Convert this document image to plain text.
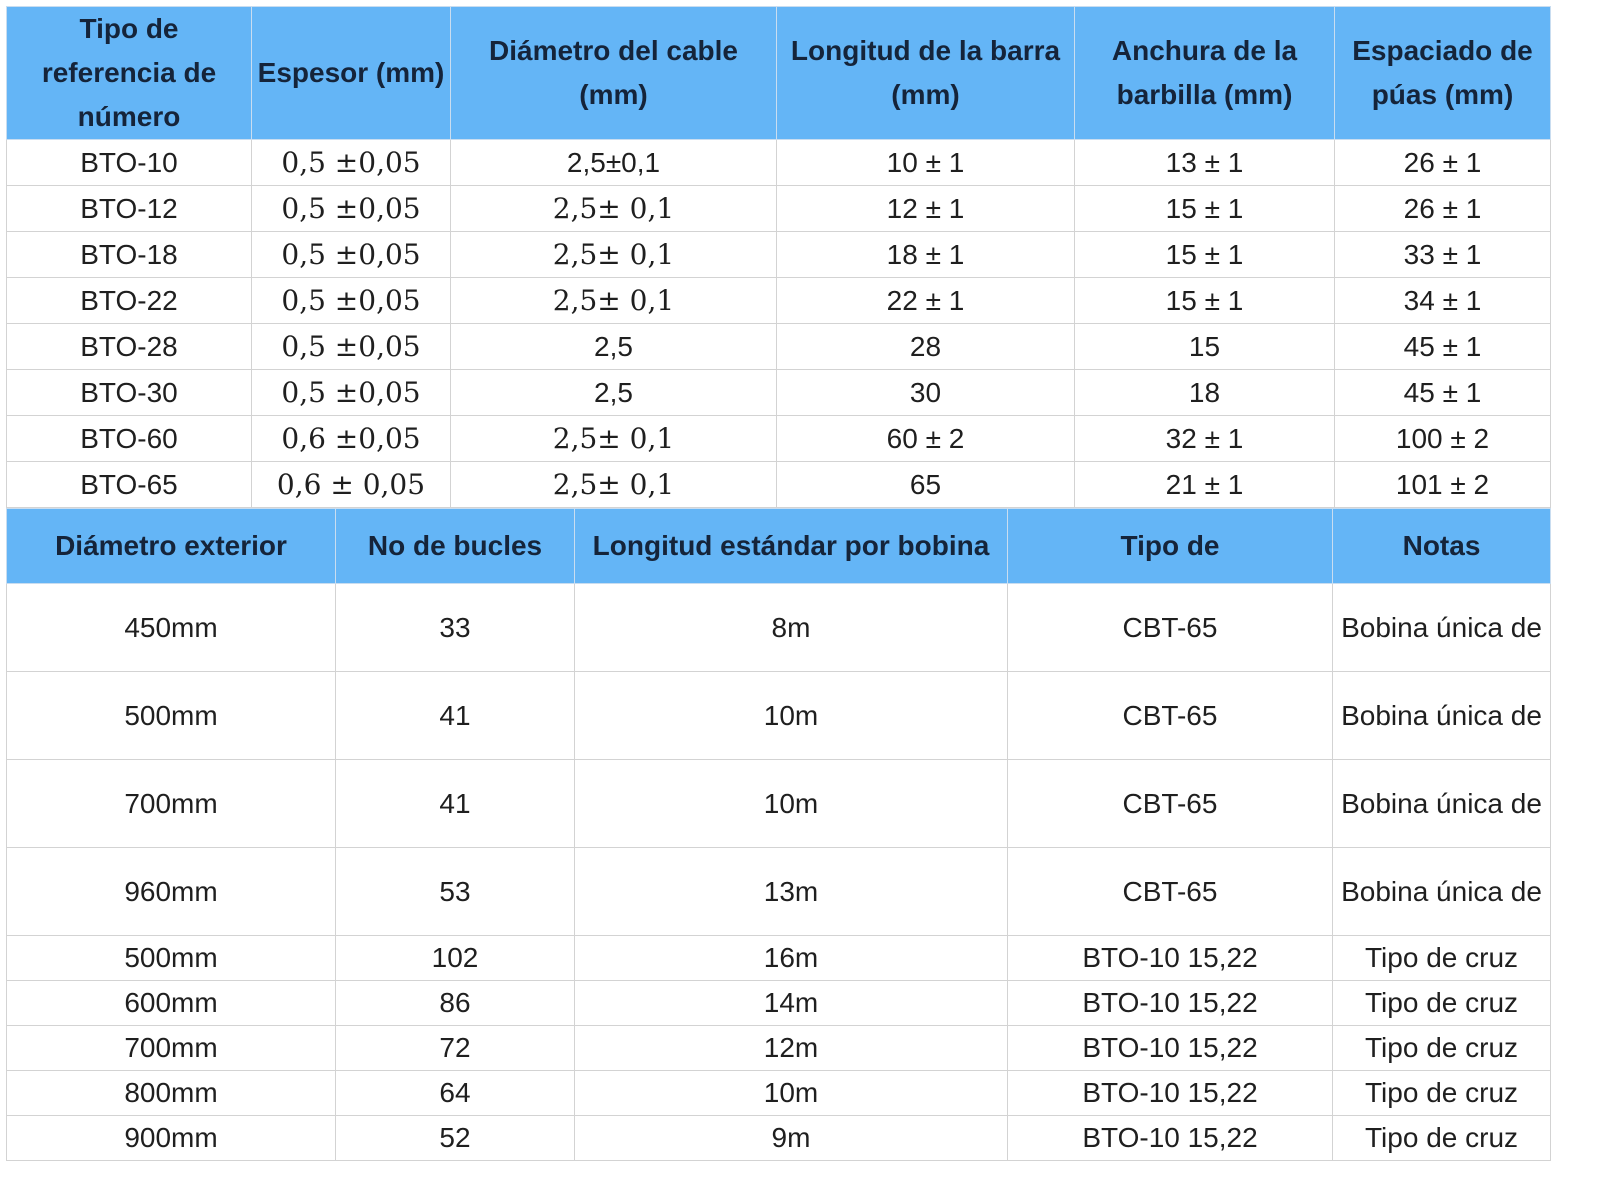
Tipo de referencia de número	Espesor (mm)	Diámetro del cable (mm)	Longitud de la barra (mm)	Anchura de la barbilla (mm)	Espaciado de púas (mm)
BTO-10	0,5 ±0,05	2,5±0,1	10 ± 1	13 ± 1	26 ± 1
BTO-12	0,5 ±0,05	2,5± 0,1	12 ± 1	15 ± 1	26 ± 1
BTO-18	0,5 ±0,05	2,5± 0,1	18 ± 1	15 ± 1	33 ± 1
BTO-22	0,5 ±0,05	2,5± 0,1	22 ± 1	15 ± 1	34 ± 1
BTO-28	0,5 ±0,05	2,5	28	15	45 ± 1
BTO-30	0,5 ±0,05	2,5	30	18	45 ± 1
BTO-60	0,6 ±0,05	2,5± 0,1	60 ± 2	32 ± 1	100 ± 2
BTO-65	0,6 ± 0,05	2,5± 0,1	65	21 ± 1	101 ± 2
Diámetro exterior	No de bucles	Longitud estándar por bobina	Tipo de	Notas
450mm	33	8m	CBT-65	Bobina única de
500mm	41	10m	CBT-65	Bobina única de
700mm	41	10m	CBT-65	Bobina única de
960mm	53	13m	CBT-65	Bobina única de
500mm	102	16m	BTO-10 15,22	Tipo de cruz
600mm	86	14m	BTO-10 15,22	Tipo de cruz
700mm	72	12m	BTO-10 15,22	Tipo de cruz
800mm	64	10m	BTO-10 15,22	Tipo de cruz
900mm	52	9m	BTO-10 15,22	Tipo de cruz
